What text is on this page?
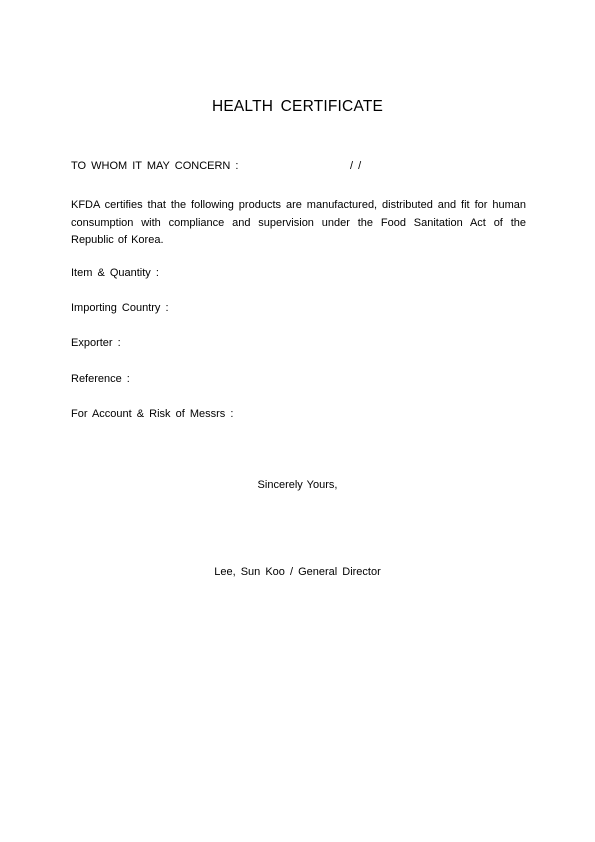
HEALTH CERTIFICATE
TO WHOM IT MAY CONCERN :	/ /
KFDA certifies that the following products are manufactured, distributed and fit for human consumption with compliance and supervision under the Food Sanitation Act of the Republic of Korea.
Item & Quantity :
Importing Country :
Exporter :
Reference :
For Account & Risk of Messrs :
Sincerely Yours,
Lee, Sun Koo / General Director
